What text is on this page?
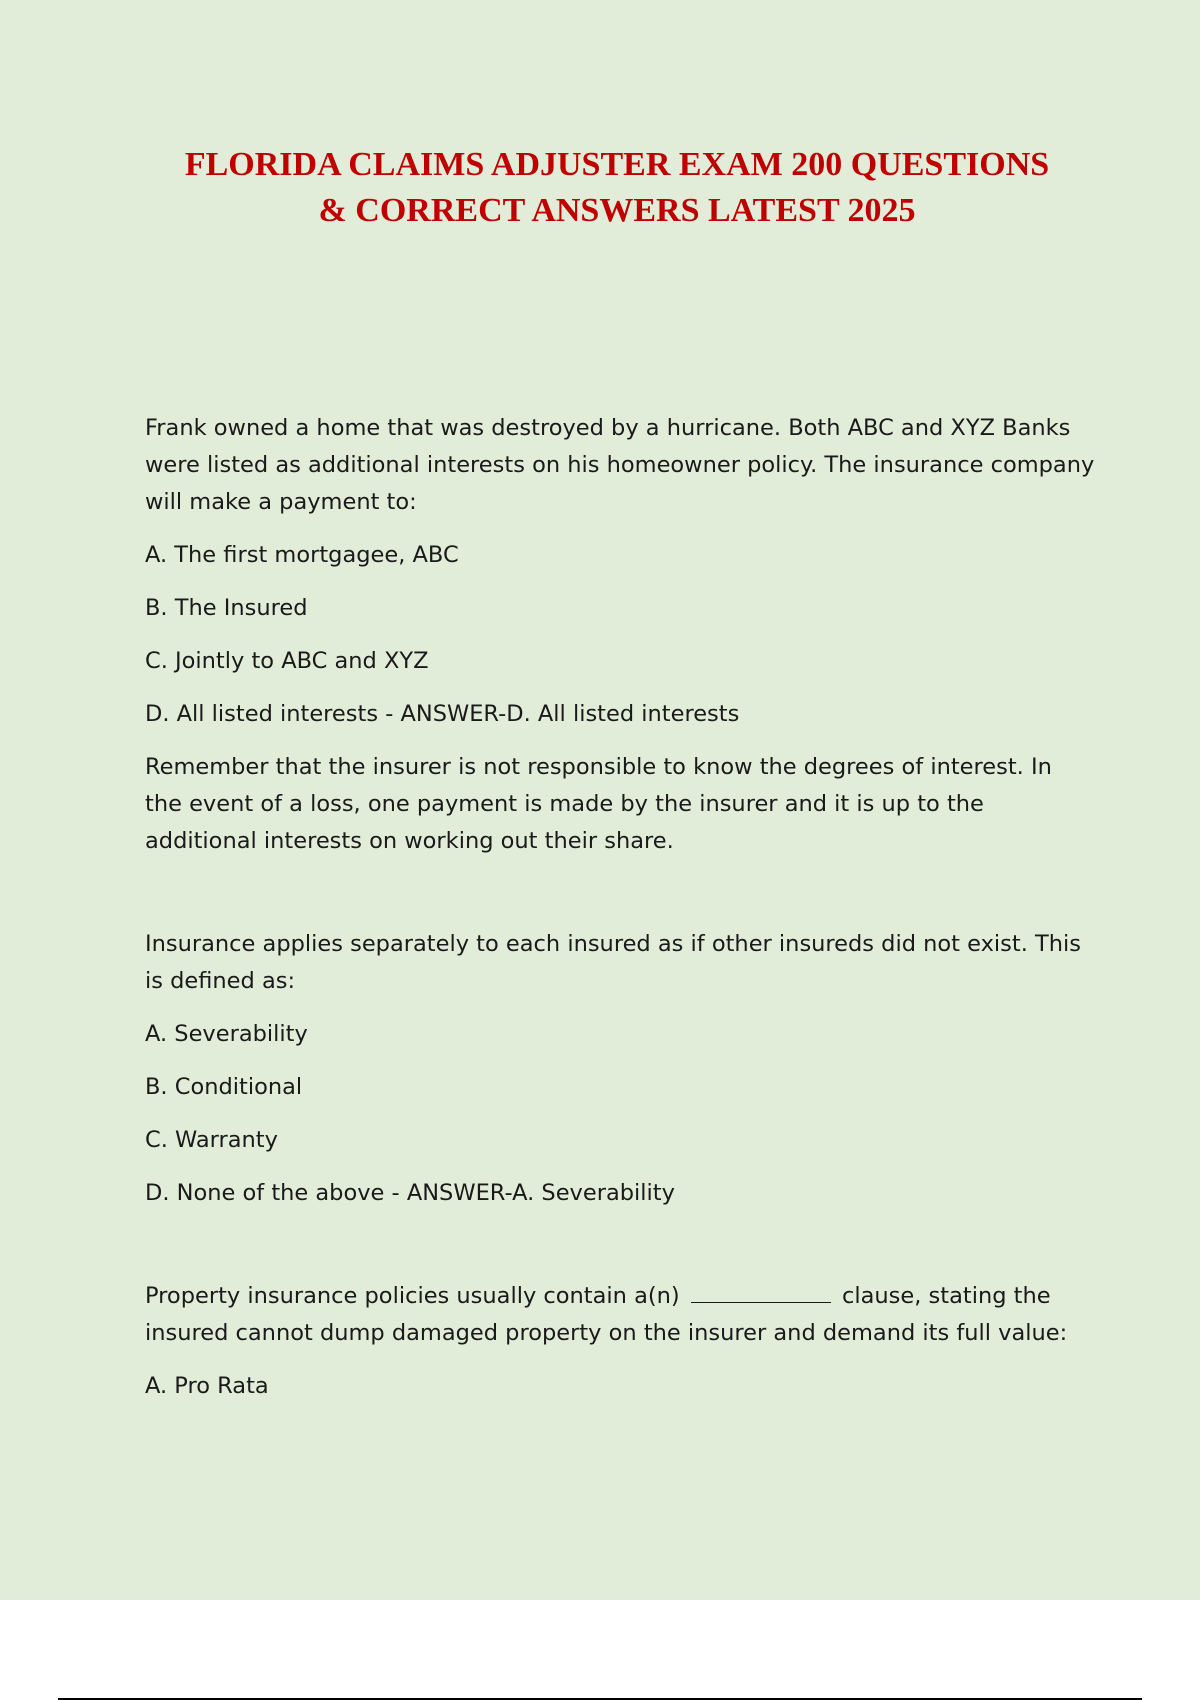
FLORIDA CLAIMS ADJUSTER EXAM 200 QUESTIONS
& CORRECT ANSWERS LATEST 2025

Frank owned a home that was destroyed by a hurricane. Both ABC and XYZ Banks were listed as additional interests on his homeowner policy. The insurance company will make a payment to:

A. The first mortgagee, ABC

B. The Insured

C. Jointly to ABC and XYZ

D. All listed interests - ANSWER-D. All listed interests

Remember that the insurer is not responsible to know the degrees of interest. In the event of a loss, one payment is made by the insurer and it is up to the additional interests on working out their share.

Insurance applies separately to each insured as if other insureds did not exist. This is defined as:

A. Severability

B. Conditional

C. Warranty

D. None of the above - ANSWER-A. Severability

Property insurance policies usually contain a(n)	clause, stating the insured cannot dump damaged property on the insurer and demand its full value:

A. Pro Rata
